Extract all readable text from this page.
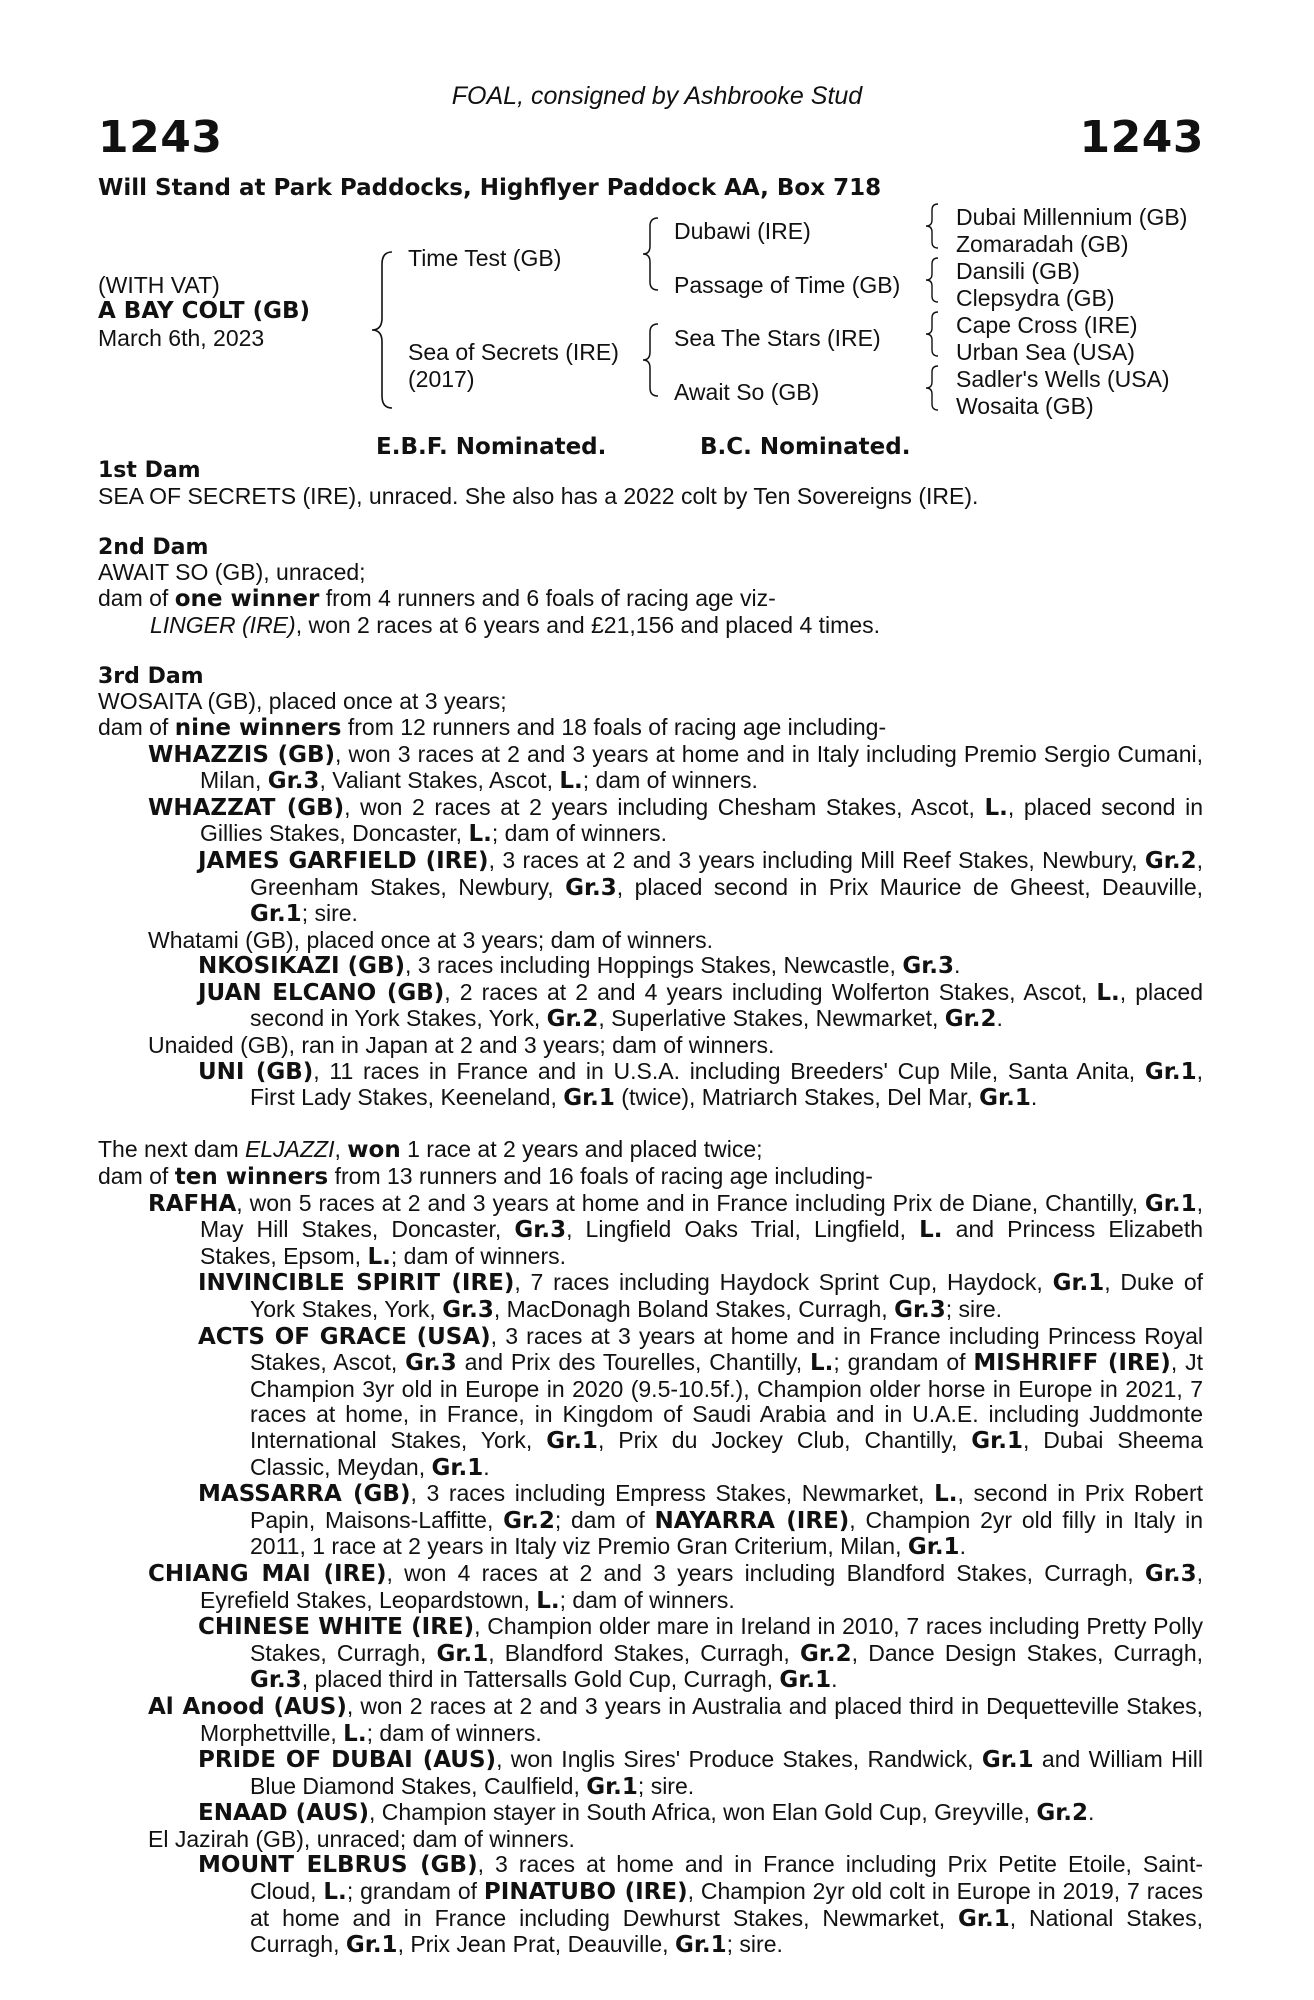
FOAL, consigned by Ashbrooke Stud
1243	1243
Will Stand at Park Paddocks, Highflyer Paddock AA, Box 718
(WITH VAT)
A BAY COLT (GB)
March 6th, 2023
Time Test (GB)
Sea of Secrets (IRE)
(2017)
Dubawi (IRE)
Passage of Time (GB)
Sea The Stars (IRE)
Await So (GB)
Dubai Millennium (GB)
Zomaradah (GB)
Dansili (GB)
Clepsydra (GB)
Cape Cross (IRE)
Urban Sea (USA)
Sadler's Wells (USA)
Wosaita (GB)
E.B.F. Nominated.	B.C. Nominated.

1st Dam

SEA OF SECRETS (IRE), unraced. She also has a 2022 colt by Ten Sovereigns (IRE).

2nd Dam

AWAIT SO (GB), unraced;

dam of one winner from 4 runners and 6 foals of racing age viz-

LINGER (IRE), won 2 races at 6 years and £21,156 and placed 4 times.

3rd Dam

WOSAITA (GB), placed once at 3 years;

dam of nine winners from 12 runners and 18 foals of racing age including-

WHAZZIS (GB), won 3 races at 2 and 3 years at home and in Italy including Premio Sergio Cumani, Milan, Gr.3, Valiant Stakes, Ascot, L.; dam of winners.

WHAZZAT (GB), won 2 races at 2 years including Chesham Stakes, Ascot, L., placed second in Gillies Stakes, Doncaster, L.; dam of winners.

JAMES GARFIELD (IRE), 3 races at 2 and 3 years including Mill Reef Stakes, Newbury, Gr.2, Greenham Stakes, Newbury, Gr.3, placed second in Prix Maurice de Gheest, Deauville, Gr.1; sire.

Whatami (GB), placed once at 3 years; dam of winners.

NKOSIKAZI (GB), 3 races including Hoppings Stakes, Newcastle, Gr.3.

JUAN ELCANO (GB), 2 races at 2 and 4 years including Wolferton Stakes, Ascot, L., placed second in York Stakes, York, Gr.2, Superlative Stakes, Newmarket, Gr.2.

Unaided (GB), ran in Japan at 2 and 3 years; dam of winners.

UNI (GB), 11 races in France and in U.S.A. including Breeders' Cup Mile, Santa Anita, Gr.1, First Lady Stakes, Keeneland, Gr.1 (twice), Matriarch Stakes, Del Mar, Gr.1.

The next dam ELJAZZI, won 1 race at 2 years and placed twice;

dam of ten winners from 13 runners and 16 foals of racing age including-

RAFHA, won 5 races at 2 and 3 years at home and in France including Prix de Diane, Chantilly, Gr.1, May Hill Stakes, Doncaster, Gr.3, Lingfield Oaks Trial, Lingfield, L. and Princess Elizabeth Stakes, Epsom, L.; dam of winners.

INVINCIBLE SPIRIT (IRE), 7 races including Haydock Sprint Cup, Haydock, Gr.1, Duke of York Stakes, York, Gr.3, MacDonagh Boland Stakes, Curragh, Gr.3; sire.

ACTS OF GRACE (USA), 3 races at 3 years at home and in France including Princess Royal Stakes, Ascot, Gr.3 and Prix des Tourelles, Chantilly, L.; grandam of MISHRIFF (IRE), Jt Champion 3yr old in Europe in 2020 (9.5-10.5f.), Champion older horse in Europe in 2021, 7 races at home, in France, in Kingdom of Saudi Arabia and in U.A.E. including Juddmonte International Stakes, York, Gr.1, Prix du Jockey Club, Chantilly, Gr.1, Dubai Sheema Classic, Meydan, Gr.1.

MASSARRA (GB), 3 races including Empress Stakes, Newmarket, L., second in Prix Robert Papin, Maisons-Laffitte, Gr.2; dam of NAYARRA (IRE), Champion 2yr old filly in Italy in 2011, 1 race at 2 years in Italy viz Premio Gran Criterium, Milan, Gr.1.

CHIANG MAI (IRE), won 4 races at 2 and 3 years including Blandford Stakes, Curragh, Gr.3, Eyrefield Stakes, Leopardstown, L.; dam of winners.

CHINESE WHITE (IRE), Champion older mare in Ireland in 2010, 7 races including Pretty Polly Stakes, Curragh, Gr.1, Blandford Stakes, Curragh, Gr.2, Dance Design Stakes, Curragh, Gr.3, placed third in Tattersalls Gold Cup, Curragh, Gr.1.

Al Anood (AUS), won 2 races at 2 and 3 years in Australia and placed third in Dequetteville Stakes, Morphettville, L.; dam of winners.

PRIDE OF DUBAI (AUS), won Inglis Sires' Produce Stakes, Randwick, Gr.1 and William Hill Blue Diamond Stakes, Caulfield, Gr.1; sire.

ENAAD (AUS), Champion stayer in South Africa, won Elan Gold Cup, Greyville, Gr.2.

El Jazirah (GB), unraced; dam of winners.

MOUNT ELBRUS (GB), 3 races at home and in France including Prix Petite Etoile, Saint-Cloud, L.; grandam of PINATUBO (IRE), Champion 2yr old colt in Europe in 2019, 7 races at home and in France including Dewhurst Stakes, Newmarket, Gr.1, National Stakes, Curragh, Gr.1, Prix Jean Prat, Deauville, Gr.1; sire.
